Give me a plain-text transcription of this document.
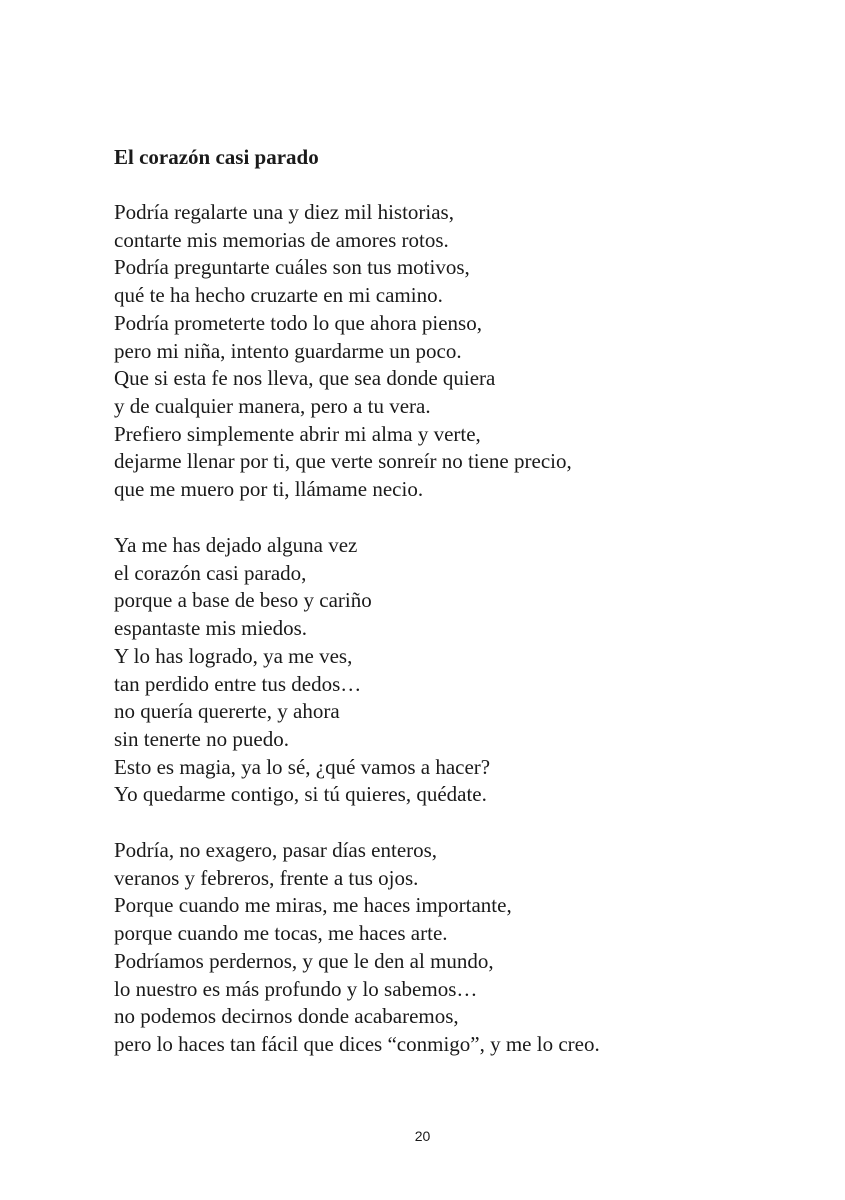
El corazón casi parado
Podría regalarte una y diez mil historias,
contarte mis memorias de amores rotos.
Podría preguntarte cuáles son tus motivos,
qué te ha hecho cruzarte en mi camino.
Podría prometerte todo lo que ahora pienso,
pero mi niña, intento guardarme un poco.
Que si esta fe nos lleva, que sea donde quiera
y de cualquier manera, pero a tu vera.
Prefiero simplemente abrir mi alma y verte,
dejarme llenar por ti, que verte sonreír no tiene precio,
que me muero por ti, llámame necio.
Ya me has dejado alguna vez
el corazón casi parado,
porque a base de beso y cariño
espantaste mis miedos.
Y lo has logrado, ya me ves,
tan perdido entre tus dedos…
no quería quererte, y ahora
sin tenerte no puedo.
Esto es magia, ya lo sé, ¿qué vamos a hacer?
Yo quedarme contigo, si tú quieres, quédate.
Podría, no exagero, pasar días enteros,
veranos y febreros, frente a tus ojos.
Porque cuando me miras, me haces importante,
porque cuando me tocas, me haces arte.
Podríamos perdernos, y que le den al mundo,
lo nuestro es más profundo y lo sabemos…
no podemos decirnos donde acabaremos,
pero lo haces tan fácil que dices “conmigo”, y me lo creo.
20
